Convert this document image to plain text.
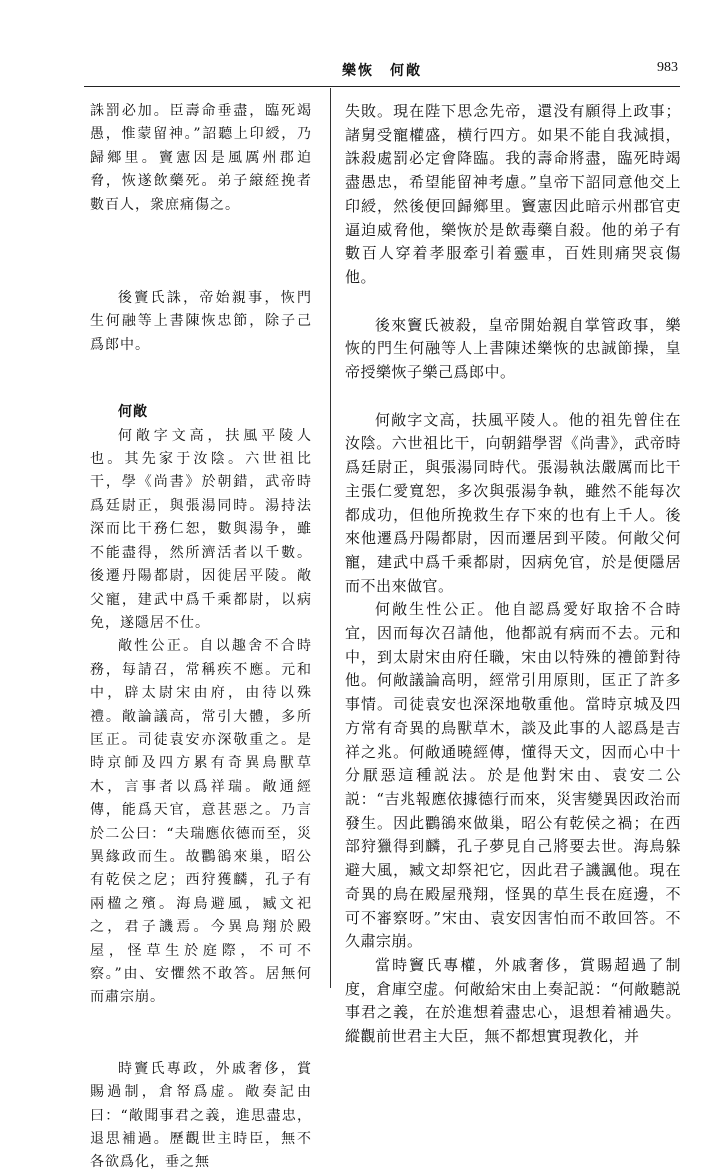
樂恢　何敞	983

誅罰必加。臣壽命垂盡，臨死竭愚，惟蒙留神。”詔聽上印綬，乃歸鄉里。竇憲因是風厲州郡迫脅，恢遂飲藥死。弟子縗絰挽者數百人，衆庶痛傷之。

後竇氏誅，帝始親事，恢門生何融等上書陳恢忠節，除子己爲郎中。

何敞

何敞字文高，扶風平陵人也。其先家于汝陰。六世祖比干，學《尚書》於朝錯，武帝時爲廷尉正，與張湯同時。湯持法深而比干務仁恕，數與湯争，雖不能盡得，然所濟活者以千數。後遷丹陽都尉，因徙居平陵。敞父寵，建武中爲千乘都尉，以病免，遂隱居不仕。

敞性公正。自以趣舍不合時務，每請召，常稱疾不應。元和中，辟太尉宋由府，由待以殊禮。敞論議高，常引大體，多所匡正。司徒袁安亦深敬重之。是時京師及四方累有奇異鳥獸草木，言事者以爲祥瑞。敞通經傳，能爲天官，意甚惡之。乃言於二公曰：“夫瑞應依德而至，災異緣政而生。故鸜鵒來巢，昭公有乾侯之戹；西狩獲麟，孔子有兩楹之殯。海鳥避風，臧文祀之，君子譏焉。今異鳥翔於殿屋，怪草生於庭際，不可不察。”由、安懼然不敢答。居無何而肅宗崩。

時竇氏專政，外戚奢侈，賞賜過制，倉帑爲虚。敞奏記由曰：“敞聞事君之義，進思盡忠，退思補過。歷觀世主時臣，無不各欲爲化，垂之無

失敗。現在陛下思念先帝，還没有願得上政事；諸舅受寵權盛，横行四方。如果不能自我減損，誅殺處罰必定會降臨。我的壽命將盡，臨死時竭盡愚忠，希望能留神考慮。”皇帝下詔同意他交上印綬，然後便回歸鄉里。竇憲因此暗示州郡官吏逼迫威脅他，樂恢於是飲毒藥自殺。他的弟子有數百人穿着孝服牽引着靈車，百姓則痛哭哀傷他。

後來竇氏被殺，皇帝開始親自掌管政事，樂恢的門生何融等人上書陳述樂恢的忠誠節操，皇帝授樂恢子樂己爲郎中。

何敞字文高，扶風平陵人。他的祖先曾住在汝陰。六世祖比干，向朝錯學習《尚書》，武帝時爲廷尉正，與張湯同時代。張湯執法嚴厲而比干主張仁愛寬恕，多次與張湯争執，雖然不能每次都成功，但他所挽救生存下來的也有上千人。後來他遷爲丹陽都尉，因而遷居到平陵。何敞父何寵，建武中爲千乘都尉，因病免官，於是便隱居而不出來做官。

何敞生性公正。他自認爲愛好取捨不合時宜，因而每次召請他，他都説有病而不去。元和中，到太尉宋由府任職，宋由以特殊的禮節對待他。何敞議論高明，經常引用原則，匡正了許多事情。司徒袁安也深深地敬重他。當時京城及四方常有奇異的鳥獸草木，談及此事的人認爲是吉祥之兆。何敞通曉經傳，懂得天文，因而心中十分厭惡這種説法。於是他對宋由、袁安二公説：“吉兆報應依據德行而來，災害變異因政治而發生。因此鸜鵒來做巢，昭公有乾侯之禍；在西部狩獵得到麟，孔子夢見自己將要去世。海鳥躲避大風，臧文却祭祀它，因此君子譏諷他。現在奇異的鳥在殿屋飛翔，怪異的草生長在庭邊，不可不審察呀。”宋由、袁安因害怕而不敢回答。不久肅宗崩。

當時竇氏專權，外戚奢侈，賞賜超過了制度，倉庫空虚。何敞給宋由上奏記説：“何敞聽説事君之義，在於進想着盡忠心，退想着補過失。縱觀前世君主大臣，無不都想實現教化，并
